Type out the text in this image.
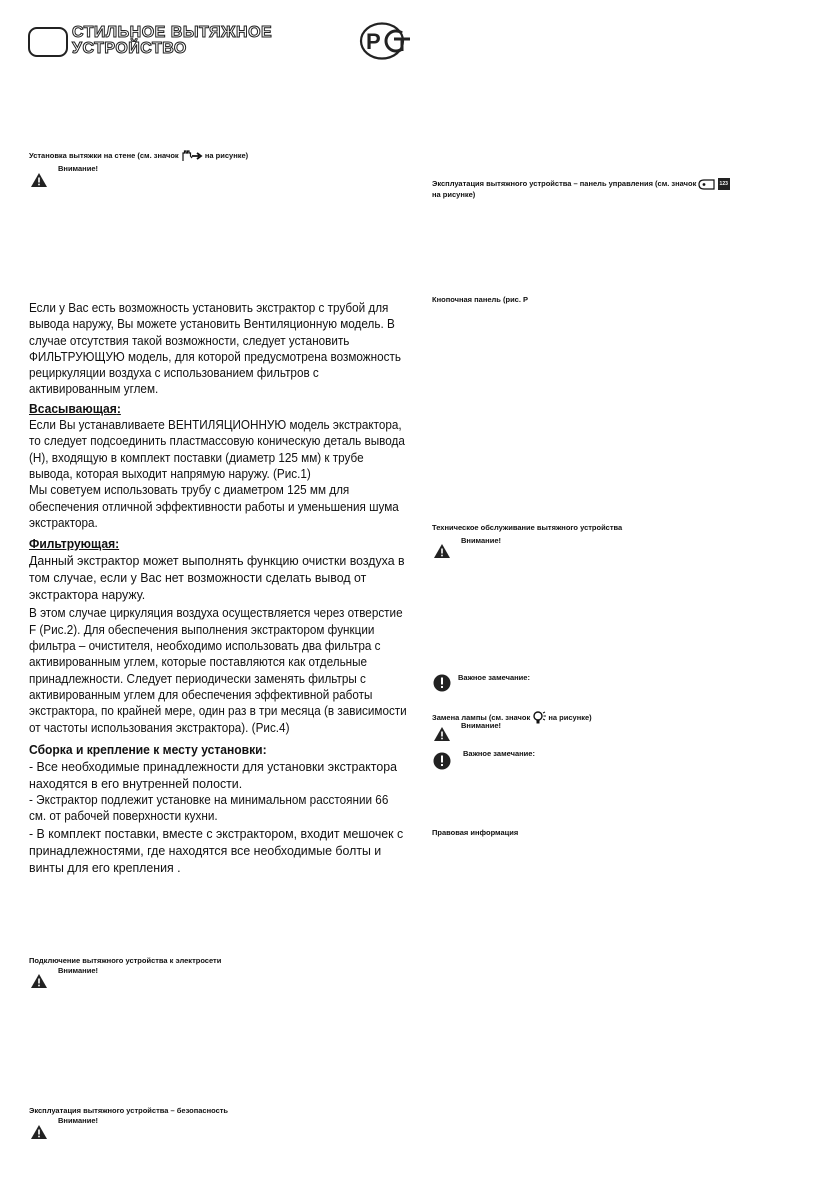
СТИЛЬНОЕ ВЫТЯЖНОЕ
УСТРОЙСТВО	Р
Установка вытяжки на стене (см. значок	на рисунке)
Внимание!

Если у Вас есть возможность установить экстрактор с трубой для вывода наружу, Вы можете установить Вентиляционную модель. В случае отсутствия такой возможности, следует установить ФИЛЬТРУЮЩУЮ модель, для которой предусмотрена возможность рециркуляции воздуха с использованием фильтров с активированным углем.

Всасывающая:

Если Вы устанавливаете ВЕНТИЛЯЦИОННУЮ модель экстрактора, то следует подсоединить пластмассовую коническую деталь вывода (Н), входящую в комплект поставки (диаметр 125 мм) к трубе вывода, которая выходит напрямую наружу. (Рис.1)

Мы советуем использовать трубу с диаметром 125 мм для обеспечения отличной эффективности работы и уменьшения шума экстрактора.

Фильтрующая:

Данный экстрактор может выполнять функцию очистки воздуха в том случае, если у Вас нет возможности сделать вывод от экстрактора наружу.

В этом случае циркуляция воздуха осуществляется через отверстие F (Рис.2). Для обеспечения выполнения экстрактором функции фильтра – очистителя, необходимо использовать два фильтра с активированным углем, которые поставляются как отдельные принадлежности. Следует периодически заменять фильтры с активированным углем для обеспечения эффективной работы экстрактора, по крайней мере, один раз в три месяца (в зависимости от частоты использования экстрактора). (Рис.4)

Сборка и крепление к месту установки:

- Все необходимые принадлежности для установки экстрактора находятся в его внутренней полости.

- Экстрактор подлежит установке на минимальном расстоянии 66 см. от рабочей поверхности кухни.

- В комплект поставки, вместе с экстрактором, входит мешочек с принадлежностями, где находятся все необходимые болты и винты для его крепления .

Подключение вытяжного устройства к электросети
Внимание!
Эксплуатация вытяжного устройства – безопасность
Внимание!
Эксплуатация вытяжного устройства – панель управления (см. значок	123
на рисунке)
Кнопочная панель (рис. Р
Техническое обслуживание вытяжного устройства
Внимание!
Важное замечание:
Замена лампы (см. значок на рисунке)
Внимание!
Важное замечание:
Правовая информация
